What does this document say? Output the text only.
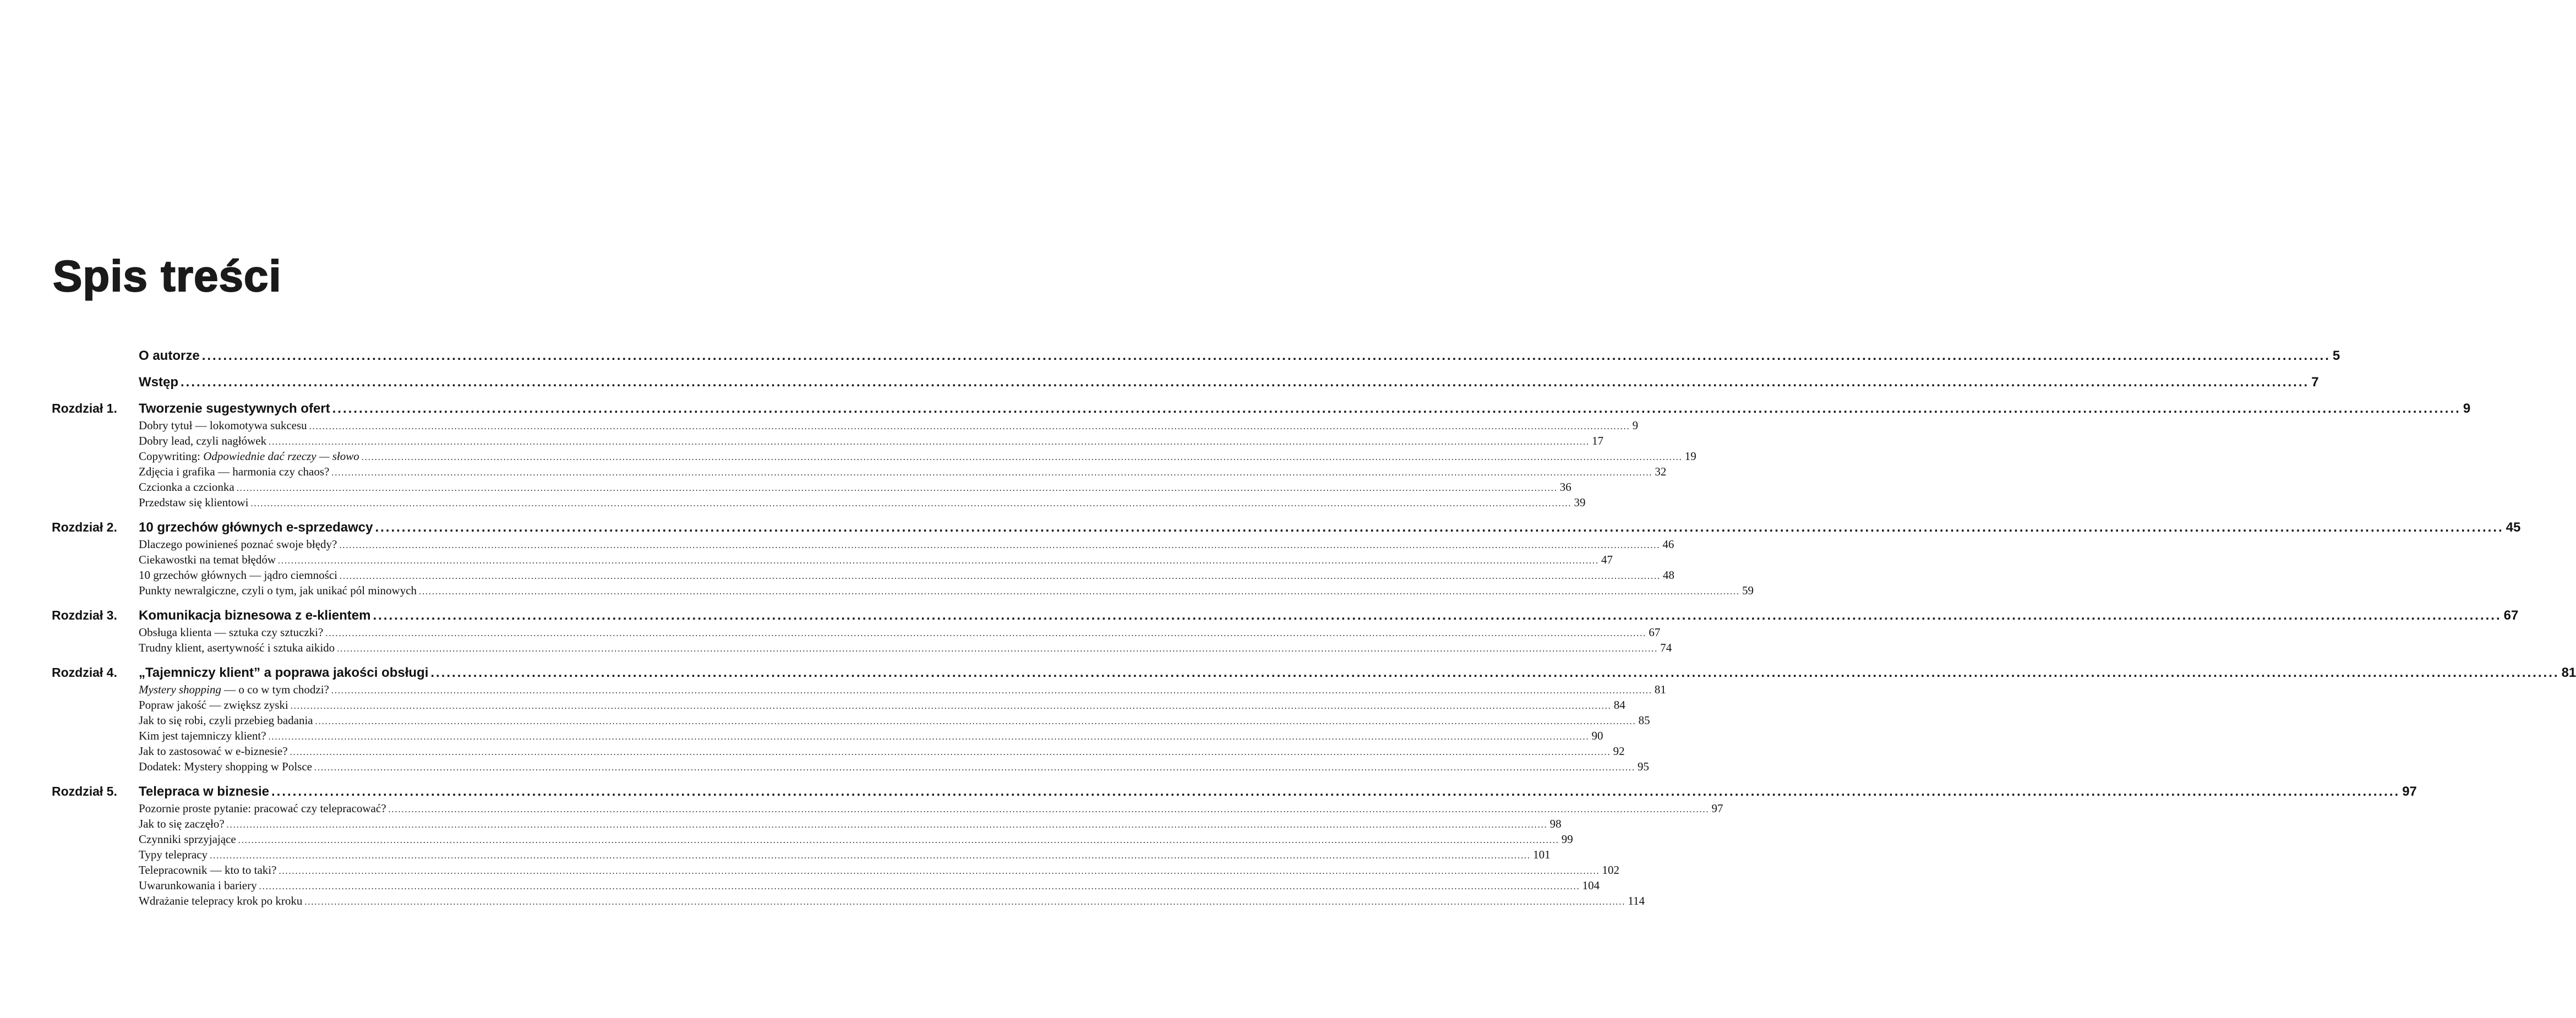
Spis treści
O autorze ................................................................................................................................................................................................................................................................................................................................................................................................................ 5
Wstęp ................................................................................................................................................................................................................................................................................................................................................................................................................ 7
Rozdział 1. Tworzenie sugestywnych ofert ................................................................................................................................................................................................................................................................................................................................................................................................................ 9
Dobry tytuł — lokomotywa sukcesu ................................................................................................................................................................................................................................................................................................................................................................................................................ 9
Dobry lead, czyli nagłówek ................................................................................................................................................................................................................................................................................................................................................................................................................ 17
Copywriting: Odpowiednie dać rzeczy — słowo ................................................................................................................................................................................................................................................................................................................................................................................................................ 19
Zdjęcia i grafika — harmonia czy chaos? ................................................................................................................................................................................................................................................................................................................................................................................................................ 32
Czcionka a czcionka ................................................................................................................................................................................................................................................................................................................................................................................................................ 36
Przedstaw się klientowi ................................................................................................................................................................................................................................................................................................................................................................................................................ 39
Rozdział 2. 10 grzechów głównych e-sprzedawcy ................................................................................................................................................................................................................................................................................................................................................................................................................ 45
Dlaczego powinieneś poznać swoje błędy? ................................................................................................................................................................................................................................................................................................................................................................................................................ 46
Ciekawostki na temat błędów ................................................................................................................................................................................................................................................................................................................................................................................................................ 47
10 grzechów głównych — jądro ciemności ................................................................................................................................................................................................................................................................................................................................................................................................................ 48
Punkty newralgiczne, czyli o tym, jak unikać pól minowych ................................................................................................................................................................................................................................................................................................................................................................................................................ 59
Rozdział 3. Komunikacja biznesowa z e-klientem ................................................................................................................................................................................................................................................................................................................................................................................................................ 67
Obsługa klienta — sztuka czy sztuczki? ................................................................................................................................................................................................................................................................................................................................................................................................................ 67
Trudny klient, asertywność i sztuka aikido ................................................................................................................................................................................................................................................................................................................................................................................................................ 74
Rozdział 4. „Tajemniczy klient” a poprawa jakości obsługi ................................................................................................................................................................................................................................................................................................................................................................................................................ 81
Mystery shopping — o co w tym chodzi? ................................................................................................................................................................................................................................................................................................................................................................................................................ 81
Popraw jakość — zwiększ zyski ................................................................................................................................................................................................................................................................................................................................................................................................................ 84
Jak to się robi, czyli przebieg badania ................................................................................................................................................................................................................................................................................................................................................................................................................ 85
Kim jest tajemniczy klient? ................................................................................................................................................................................................................................................................................................................................................................................................................ 90
Jak to zastosować w e-biznesie? ................................................................................................................................................................................................................................................................................................................................................................................................................ 92
Dodatek: Mystery shopping w Polsce ................................................................................................................................................................................................................................................................................................................................................................................................................ 95
Rozdział 5. Telepraca w biznesie ................................................................................................................................................................................................................................................................................................................................................................................................................ 97
Pozornie proste pytanie: pracować czy telepracować? ................................................................................................................................................................................................................................................................................................................................................................................................................ 97
Jak to się zaczęło? ................................................................................................................................................................................................................................................................................................................................................................................................................ 98
Czynniki sprzyjające ................................................................................................................................................................................................................................................................................................................................................................................................................ 99
Typy telepracy ................................................................................................................................................................................................................................................................................................................................................................................................................ 101
Telepracownik — kto to taki? ................................................................................................................................................................................................................................................................................................................................................................................................................ 102
Uwarunkowania i bariery ................................................................................................................................................................................................................................................................................................................................................................................................................ 104
Wdrażanie telepracy krok po kroku ................................................................................................................................................................................................................................................................................................................................................................................................................ 114
